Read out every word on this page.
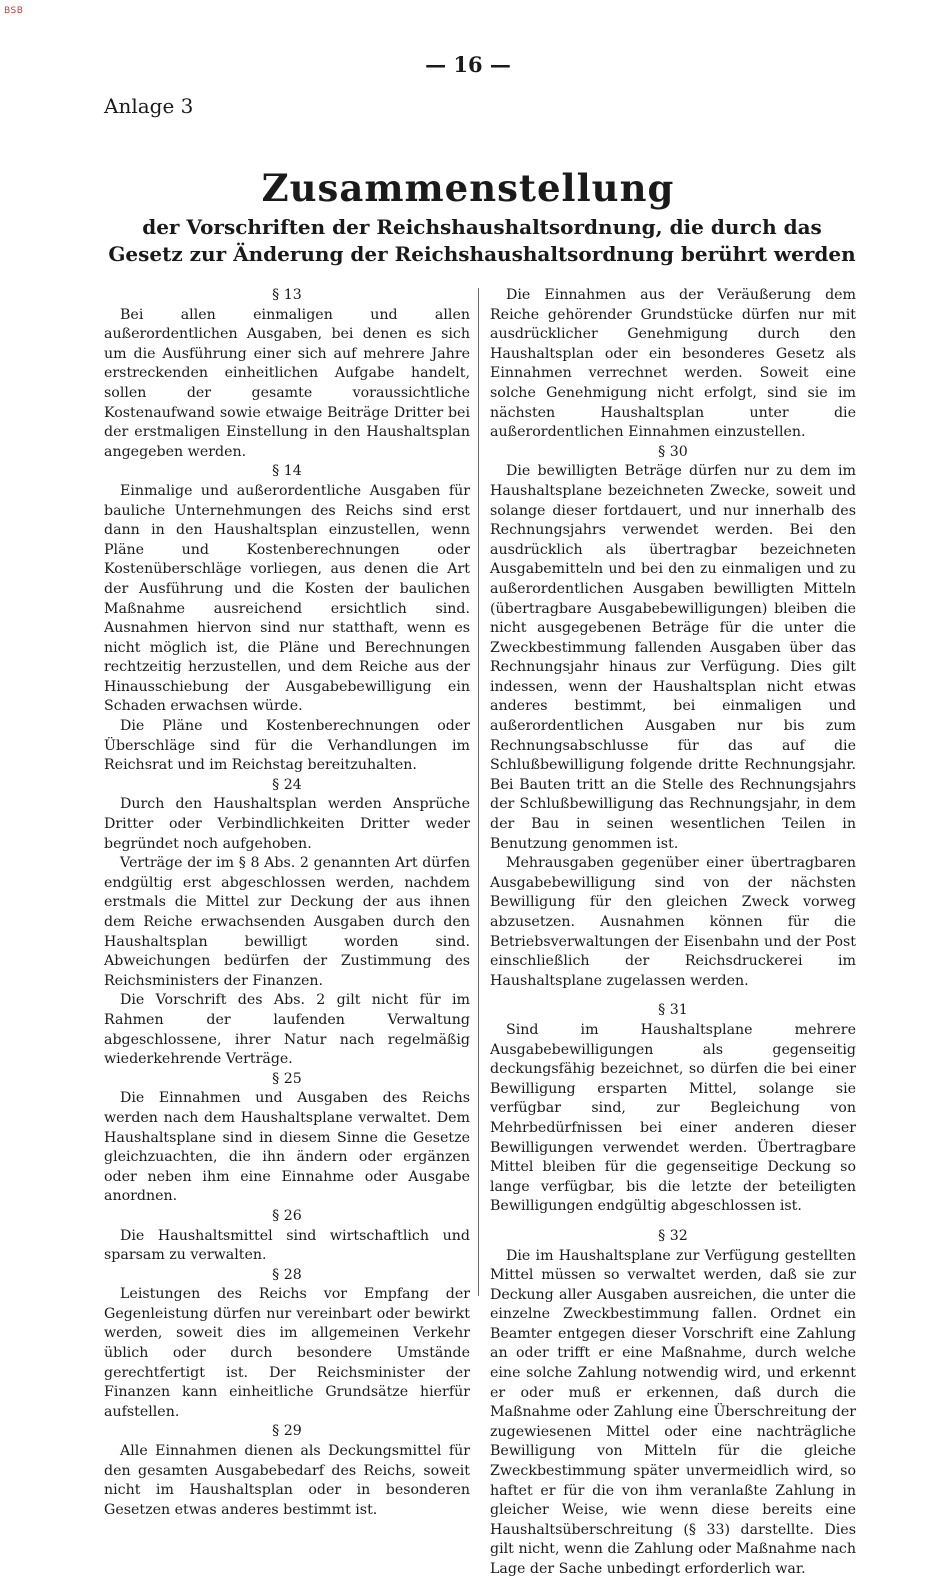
BSB
— 16 —
Anlage 3
Zusammenstellung
der Vorschriften der Reichshaushaltsordnung, die durch das Gesetz zur Änderung der Reichshaushaltsordnung berührt werden

§ 13

Bei allen einmaligen und allen außerordentlichen Ausgaben, bei denen es sich um die Ausführung einer sich auf mehrere Jahre erstreckenden einheitlichen Aufgabe handelt, sollen der gesamte voraussichtliche Kostenaufwand sowie etwaige Beiträge Dritter bei der erstmaligen Einstellung in den Haushaltsplan angegeben werden.

§ 14

Einmalige und außerordentliche Ausgaben für bauliche Unternehmungen des Reichs sind erst dann in den Haushaltsplan einzustellen, wenn Pläne und Kostenberechnungen oder Kostenüberschläge vorliegen, aus denen die Art der Ausführung und die Kosten der baulichen Maßnahme ausreichend ersichtlich sind. Ausnahmen hiervon sind nur statthaft, wenn es nicht möglich ist, die Pläne und Berechnungen rechtzeitig herzustellen, und dem Reiche aus der Hinausschiebung der Ausgabebewilligung ein Schaden erwachsen würde.

Die Pläne und Kostenberechnungen oder Überschläge sind für die Verhandlungen im Reichsrat und im Reichstag bereitzuhalten.

§ 24

Durch den Haushaltsplan werden Ansprüche Dritter oder Verbindlichkeiten Dritter weder begründet noch aufgehoben.

Verträge der im § 8 Abs. 2 genannten Art dürfen endgültig erst abgeschlossen werden, nachdem erstmals die Mittel zur Deckung der aus ihnen dem Reiche erwachsenden Ausgaben durch den Haushaltsplan bewilligt worden sind. Abweichungen bedürfen der Zustimmung des Reichsministers der Finanzen.

Die Vorschrift des Abs. 2 gilt nicht für im Rahmen der laufenden Verwaltung abgeschlossene, ihrer Natur nach regelmäßig wiederkehrende Verträge.

§ 25

Die Einnahmen und Ausgaben des Reichs werden nach dem Haushaltsplane verwaltet. Dem Haushaltsplane sind in diesem Sinne die Gesetze gleichzuachten, die ihn ändern oder ergänzen oder neben ihm eine Einnahme oder Ausgabe anordnen.

§ 26

Die Haushaltsmittel sind wirtschaftlich und sparsam zu verwalten.

§ 28

Leistungen des Reichs vor Empfang der Gegenleistung dürfen nur vereinbart oder bewirkt werden, soweit dies im allgemeinen Verkehr üblich oder durch besondere Umstände gerechtfertigt ist. Der Reichsminister der Finanzen kann einheitliche Grundsätze hierfür aufstellen.

§ 29

Alle Einnahmen dienen als Deckungsmittel für den gesamten Ausgabebedarf des Reichs, soweit nicht im Haushaltsplan oder in besonderen Gesetzen etwas anderes bestimmt ist.

Die Einnahmen aus der Veräußerung dem Reiche gehörender Grundstücke dürfen nur mit ausdrücklicher Genehmigung durch den Haushaltsplan oder ein besonderes Gesetz als Einnahmen verrechnet werden. Soweit eine solche Genehmigung nicht erfolgt, sind sie im nächsten Haushaltsplan unter die außerordentlichen Einnahmen einzustellen.

§ 30

Die bewilligten Beträge dürfen nur zu dem im Haushaltsplane bezeichneten Zwecke, soweit und solange dieser fortdauert, und nur innerhalb des Rechnungsjahrs verwendet werden. Bei den ausdrücklich als übertragbar bezeichneten Ausgabemitteln und bei den zu einmaligen und zu außerordentlichen Ausgaben bewilligten Mitteln (übertragbare Ausgabebewilligungen) bleiben die nicht ausgegebenen Beträge für die unter die Zweckbestimmung fallenden Ausgaben über das Rechnungsjahr hinaus zur Verfügung. Dies gilt indessen, wenn der Haushaltsplan nicht etwas anderes bestimmt, bei einmaligen und außerordentlichen Ausgaben nur bis zum Rechnungsabschlusse für das auf die Schlußbewilligung folgende dritte Rechnungsjahr. Bei Bauten tritt an die Stelle des Rechnungsjahrs der Schlußbewilligung das Rechnungsjahr, in dem der Bau in seinen wesentlichen Teilen in Benutzung genommen ist.

Mehrausgaben gegenüber einer übertragbaren Ausgabebewilligung sind von der nächsten Bewilligung für den gleichen Zweck vorweg abzusetzen. Ausnahmen können für die Betriebsverwaltungen der Eisenbahn und der Post einschließlich der Reichsdruckerei im Haushaltsplane zugelassen werden.

§ 31

Sind im Haushaltsplane mehrere Ausgabebewilligungen als gegenseitig deckungsfähig bezeichnet, so dürfen die bei einer Bewilligung ersparten Mittel, solange sie verfügbar sind, zur Begleichung von Mehrbedürfnissen bei einer anderen dieser Bewilligungen verwendet werden. Übertragbare Mittel bleiben für die gegenseitige Deckung so lange verfügbar, bis die letzte der beteiligten Bewilligungen endgültig abgeschlossen ist.

§ 32

Die im Haushaltsplane zur Verfügung gestellten Mittel müssen so verwaltet werden, daß sie zur Deckung aller Ausgaben ausreichen, die unter die einzelne Zweckbestimmung fallen. Ordnet ein Beamter entgegen dieser Vorschrift eine Zahlung an oder trifft er eine Maßnahme, durch welche eine solche Zahlung notwendig wird, und erkennt er oder muß er erkennen, daß durch die Maßnahme oder Zahlung eine Überschreitung der zugewiesenen Mittel oder eine nachträgliche Bewilligung von Mitteln für die gleiche Zweckbestimmung später unvermeidlich wird, so haftet er für die von ihm veranlaßte Zahlung in gleicher Weise, wie wenn diese bereits eine Haushaltsüberschreitung (§ 33) darstellte. Dies gilt nicht, wenn die Zahlung oder Maßnahme nach Lage der Sache unbedingt erforderlich war.
